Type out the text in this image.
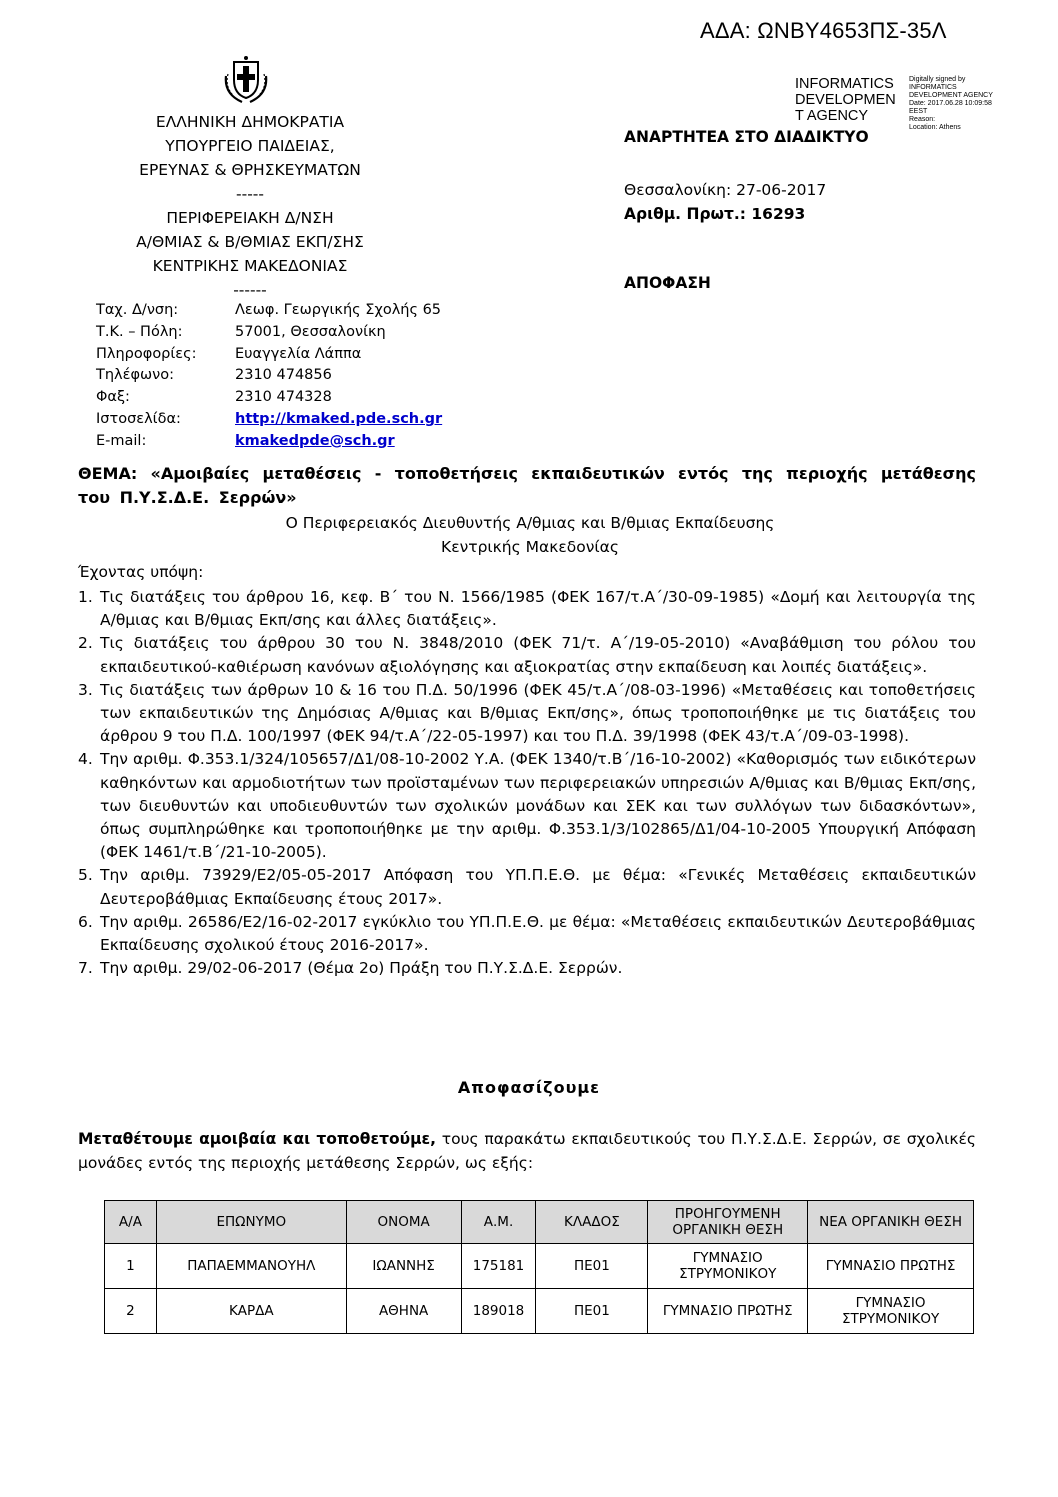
ΑΔΑ: ΩΝΒΥ4653ΠΣ-35Λ
ΕΛΛΗΝΙΚΗ ΔΗΜΟΚΡΑΤΙΑ
ΥΠΟΥΡΓΕΙΟ ΠΑΙΔΕΙΑΣ,
ΕΡΕΥΝΑΣ & ΘΡΗΣΚΕΥΜΑΤΩΝ
-----
ΠΕΡΙΦΕΡΕΙΑΚΗ Δ/ΝΣΗ
Α/ΘΜΙΑΣ & Β/ΘΜΙΑΣ ΕΚΠ/ΣΗΣ
ΚΕΝΤΡΙΚΗΣ ΜΑΚΕΔΟΝΙΑΣ
------
INFORMATICS
DEVELOPMEN
T AGENCY
Digitally signed by
INFORMATICS
DEVELOPMENT AGENCY
Date: 2017.06.28 10:09:58
EEST
Reason:
Location: Athens
ΑΝΑΡΤΗΤΕΑ ΣΤΟ ΔΙΑΔΙΚΤΥΟ
Θεσσαλονίκη: 27-06-2017
Αριθμ. Πρωτ.: 16293
ΑΠΟΦΑΣΗ
Ταχ. Δ/νση:	Λεωφ. Γεωργικής Σχολής 65
Τ.Κ. – Πόλη:	57001, Θεσσαλονίκη
Πληροφορίες:	Ευαγγελία Λάππα
Τηλέφωνο:	2310 474856
Φαξ:	2310 474328
Ιστοσελίδα:	http://kmaked.pde.sch.gr
E-mail:	kmakedpde@sch.gr
ΘΕΜΑ: «Αμοιβαίες μεταθέσεις - τοποθετήσεις εκπαιδευτικών εντός της περιοχής μετάθεσης του Π.Υ.Σ.Δ.Ε. Σερρών»
Ο Περιφερειακός Διευθυντής Α/θμιας και Β/θμιας Εκπαίδευσης
Κεντρικής Μακεδονίας
Έχοντας υπόψη:
1. Τις διατάξεις του άρθρου 16, κεφ. Β΄ του Ν. 1566/1985 (ΦΕΚ 167/τ.Α΄/30-09-1985) «Δομή και λειτουργία της Α/θμιας και Β/θμιας Εκπ/σης και άλλες διατάξεις».
2. Τις διατάξεις του άρθρου 30 του Ν. 3848/2010 (ΦΕΚ 71/τ. Α΄/19-05-2010) «Αναβάθμιση του ρόλου του εκπαιδευτικού-καθιέρωση κανόνων αξιολόγησης και αξιοκρατίας στην εκπαίδευση και λοιπές διατάξεις».
3. Τις διατάξεις των άρθρων 10 & 16 του Π.Δ. 50/1996 (ΦΕΚ 45/τ.Α΄/08-03-1996) «Μεταθέσεις και τοποθετήσεις των εκπαιδευτικών της Δημόσιας Α/θμιας και Β/θμιας Εκπ/σης», όπως τροποποιήθηκε με τις διατάξεις του άρθρου 9 του Π.Δ. 100/1997 (ΦΕΚ 94/τ.Α΄/22-05-1997) και του Π.Δ. 39/1998 (ΦΕΚ 43/τ.Α΄/09-03-1998).
4. Την αριθμ. Φ.353.1/324/105657/Δ1/08-10-2002 Υ.Α. (ΦΕΚ 1340/τ.Β΄/16-10-2002) «Καθορισμός των ειδικότερων καθηκόντων και αρμοδιοτήτων των προϊσταμένων των περιφερειακών υπηρεσιών Α/θμιας και Β/θμιας Εκπ/σης, των διευθυντών και υποδιευθυντών των σχολικών μονάδων και ΣΕΚ και των συλλόγων των διδασκόντων», όπως συμπληρώθηκε και τροποποιήθηκε με την αριθμ. Φ.353.1/3/102865/Δ1/04-10-2005 Υπουργική Απόφαση (ΦΕΚ 1461/τ.Β΄/21-10-2005).
5. Την αριθμ. 73929/Ε2/05-05-2017 Απόφαση του ΥΠ.Π.Ε.Θ. με θέμα: «Γενικές Μεταθέσεις εκπαιδευτικών Δευτεροβάθμιας Εκπαίδευσης έτους 2017».
6. Την αριθμ. 26586/Ε2/16-02-2017 εγκύκλιο του ΥΠ.Π.Ε.Θ. με θέμα: «Μεταθέσεις εκπαιδευτικών Δευτεροβάθμιας Εκπαίδευσης σχολικού έτους 2016-2017».
7. Την αριθμ. 29/02-06-2017 (Θέμα 2ο) Πράξη του Π.Υ.Σ.Δ.Ε. Σερρών.
Αποφασίζουμε
Μεταθέτουμε αμοιβαία και τοποθετούμε, τους παρακάτω εκπαιδευτικούς του Π.Υ.Σ.Δ.Ε. Σερρών, σε σχολικές μονάδες εντός της περιοχής μετάθεσης Σερρών, ως εξής:
Α/Α	ΕΠΩΝΥΜΟ	ΟΝΟΜΑ	Α.Μ.	ΚΛΑΔΟΣ	ΠΡΟΗΓΟΥΜΕΝΗ ΟΡΓΑΝΙΚΗ ΘΕΣΗ	ΝΕΑ ΟΡΓΑΝΙΚΗ ΘΕΣΗ
1	ΠΑΠΑΕΜΜΑΝΟΥΗΛ	ΙΩΑΝΝΗΣ	175181	ΠΕ01	ΓΥΜΝΑΣΙΟ ΣΤΡΥΜΟΝΙΚΟΥ	ΓΥΜΝΑΣΙΟ ΠΡΩΤΗΣ
2	ΚΑΡΔΑ	ΑΘΗΝΑ	189018	ΠΕ01	ΓΥΜΝΑΣΙΟ ΠΡΩΤΗΣ	ΓΥΜΝΑΣΙΟ ΣΤΡΥΜΟΝΙΚΟΥ
